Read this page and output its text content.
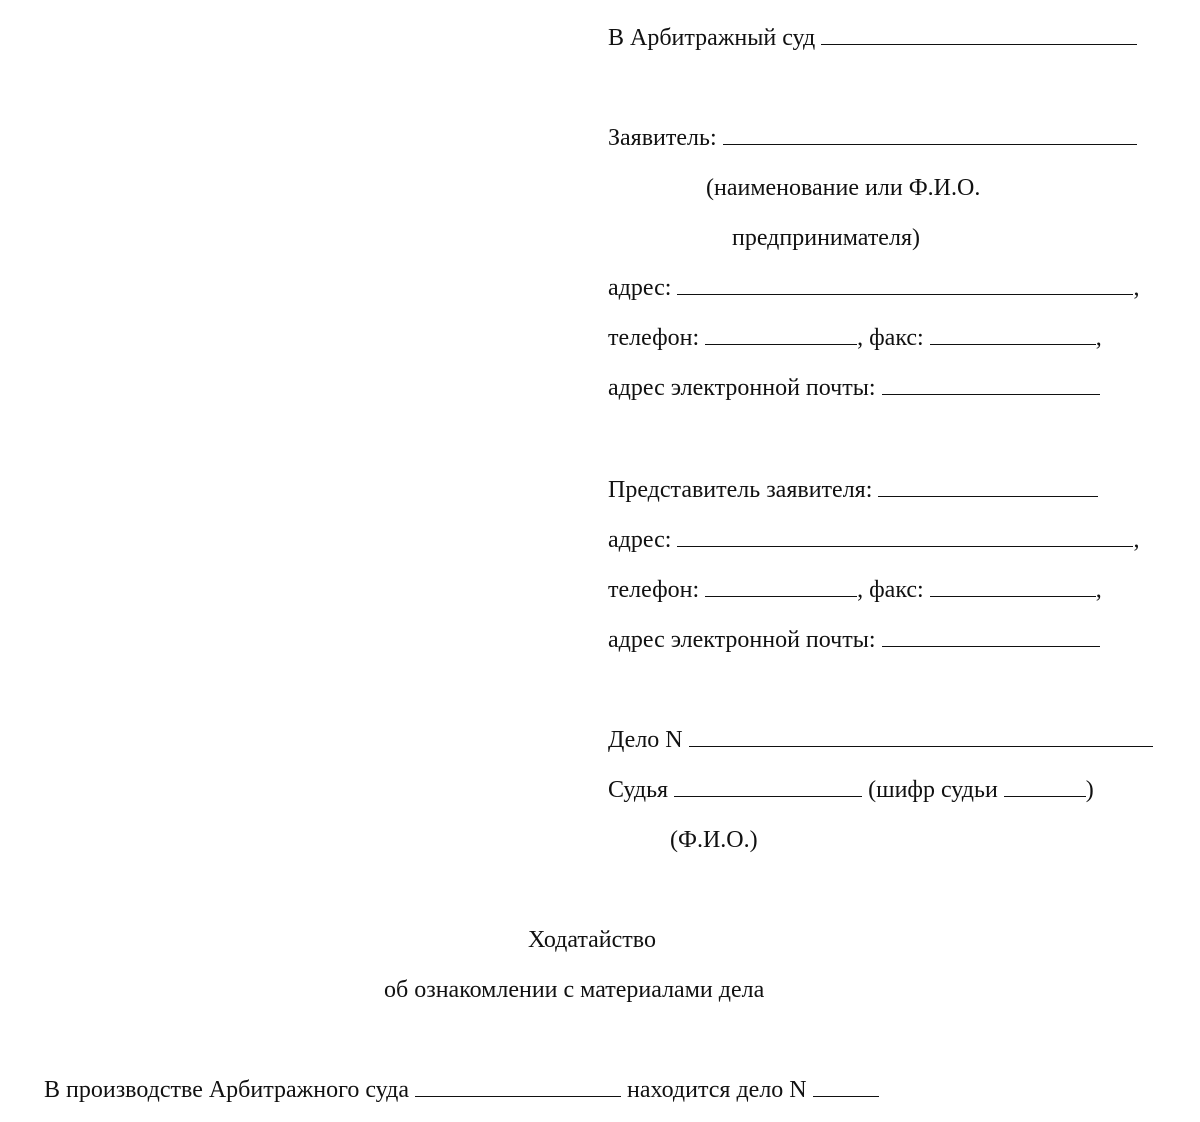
В Арбитражный суд
Заявитель:
(наименование или Ф.И.О.
предпринимателя)
адрес:	,
телефон:	, факс:	,
адрес электронной почты:
Представитель заявителя:
адрес:	,
телефон:	, факс:	,
адрес электронной почты:
Дело N
Судья	(шифр судьи	)
(Ф.И.О.)
Ходатайство
об ознакомлении с материалами дела
В производстве Арбитражного суда	находится дело N
